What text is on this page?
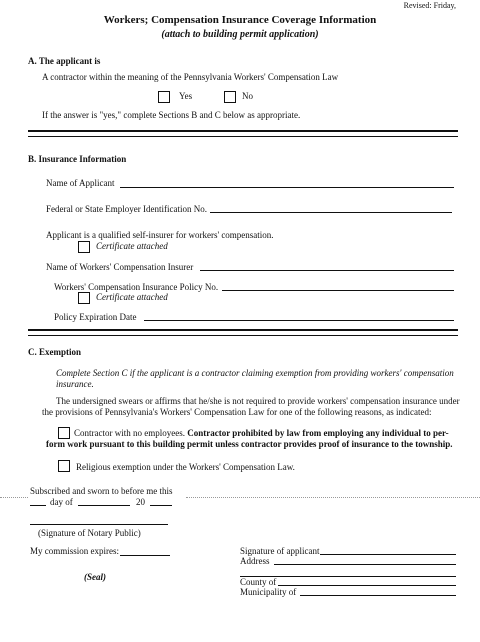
Revised: Friday,
Workers; Compensation Insurance Coverage Information
(attach to building permit application)
A. The applicant is
A contractor within the meaning of the Pennsylvania Workers' Compensation Law
Yes	No
If the answer is "yes," complete Sections B and C below as appropriate.
B. Insurance Information
Name of Applicant
Federal or State Employer Identification No.
Applicant is a qualified self-insurer for workers' compensation.
Certificate attached
Name of Workers' Compensation Insurer
Workers' Compensation Insurance Policy No.
Certificate attached
Policy Expiration Date
C. Exemption
Complete Section C if the applicant is a contractor claiming exemption from providing workers' compensation
insurance.
The undersigned swears or affirms that he/she is not required to provide workers' compensation insurance under
the provisions of Pennsylvania's Workers' Compensation Law for one of the following reasons, as indicated:
Contractor with no employees. Contractor prohibited by law from employing any individual to per-
form work pursuant to this building permit unless contractor provides proof of insurance to the township.
Religious exemption under the Workers' Compensation Law.
Subscribed and sworn to before me this
day of	20
(Signature of Notary Public)
My commission expires:
(Seal)
Signature of applicant
Address
County of
Municipality of
